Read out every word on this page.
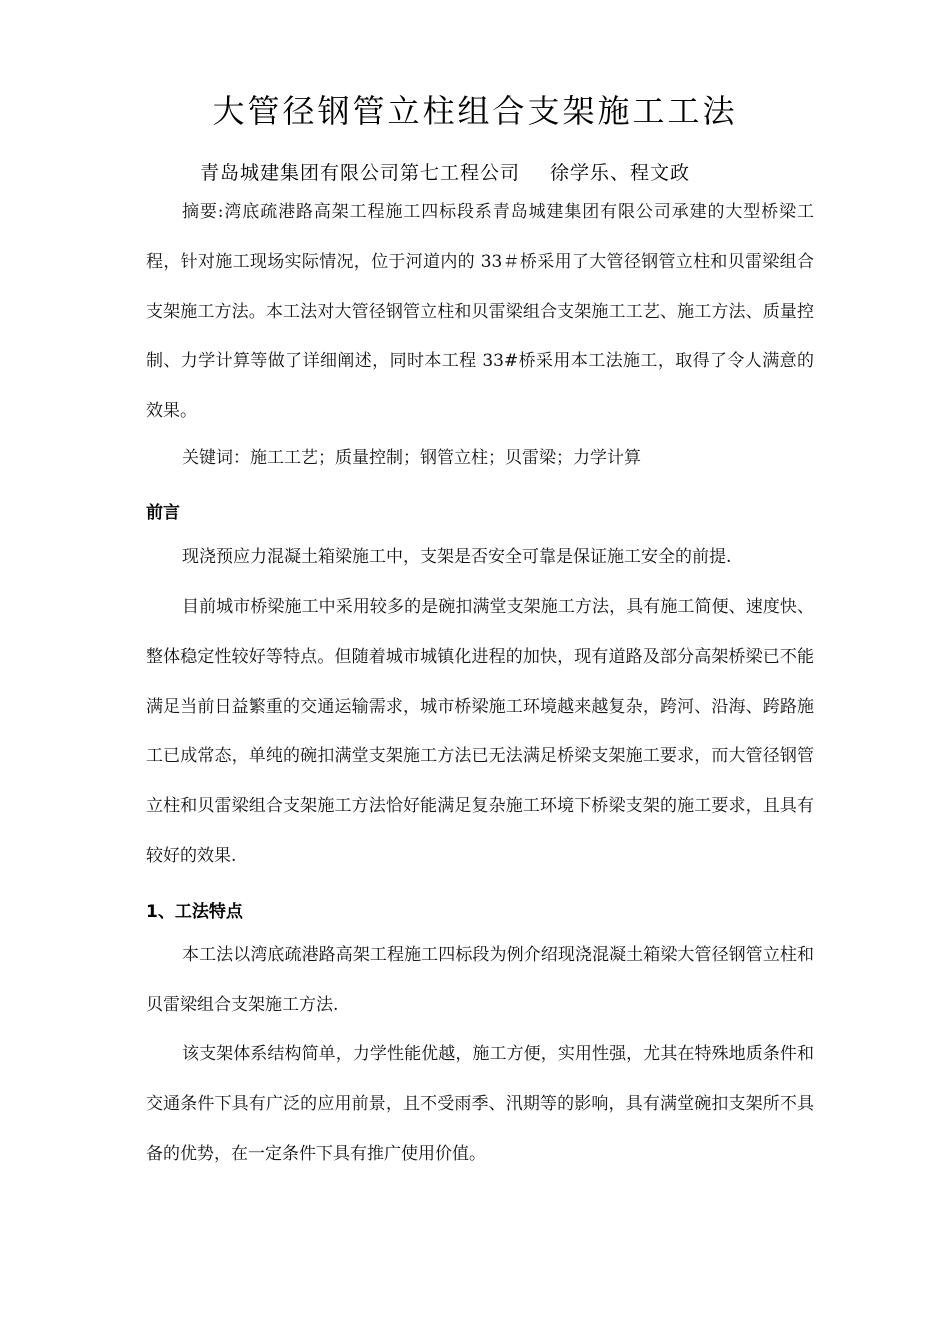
大管径钢管立柱组合支架施工工法
青岛城建集团有限公司第七工程公司 徐学乐、程文政
摘要:湾底疏港路高架工程施工四标段系青岛城建集团有限公司承建的大型桥梁工程，针对施工现场实际情况，位于河道内的 33＃桥采用了大管径钢管立柱和贝雷梁组合支架施工方法。本工法对大管径钢管立柱和贝雷梁组合支架施工工艺、施工方法、质量控制、力学计算等做了详细阐述，同时本工程 33#桥采用本工法施工，取得了令人满意的效果。
关键词：施工工艺；质量控制；钢管立柱；贝雷梁；力学计算
前言
现浇预应力混凝土箱梁施工中，支架是否安全可靠是保证施工安全的前提.
目前城市桥梁施工中采用较多的是碗扣满堂支架施工方法，具有施工简便、速度快、整体稳定性较好等特点。但随着城市城镇化进程的加快，现有道路及部分高架桥梁已不能满足当前日益繁重的交通运输需求，城市桥梁施工环境越来越复杂，跨河、沿海、跨路施工已成常态，单纯的碗扣满堂支架施工方法已无法满足桥梁支架施工要求，而大管径钢管立柱和贝雷梁组合支架施工方法恰好能满足复杂施工环境下桥梁支架的施工要求，且具有较好的效果.
1、工法特点
本工法以湾底疏港路高架工程施工四标段为例介绍现浇混凝土箱梁大管径钢管立柱和贝雷梁组合支架施工方法.
该支架体系结构简单，力学性能优越，施工方便，实用性强，尤其在特殊地质条件和交通条件下具有广泛的应用前景，且不受雨季、汛期等的影响，具有满堂碗扣支架所不具备的优势，在一定条件下具有推广使用价值。
